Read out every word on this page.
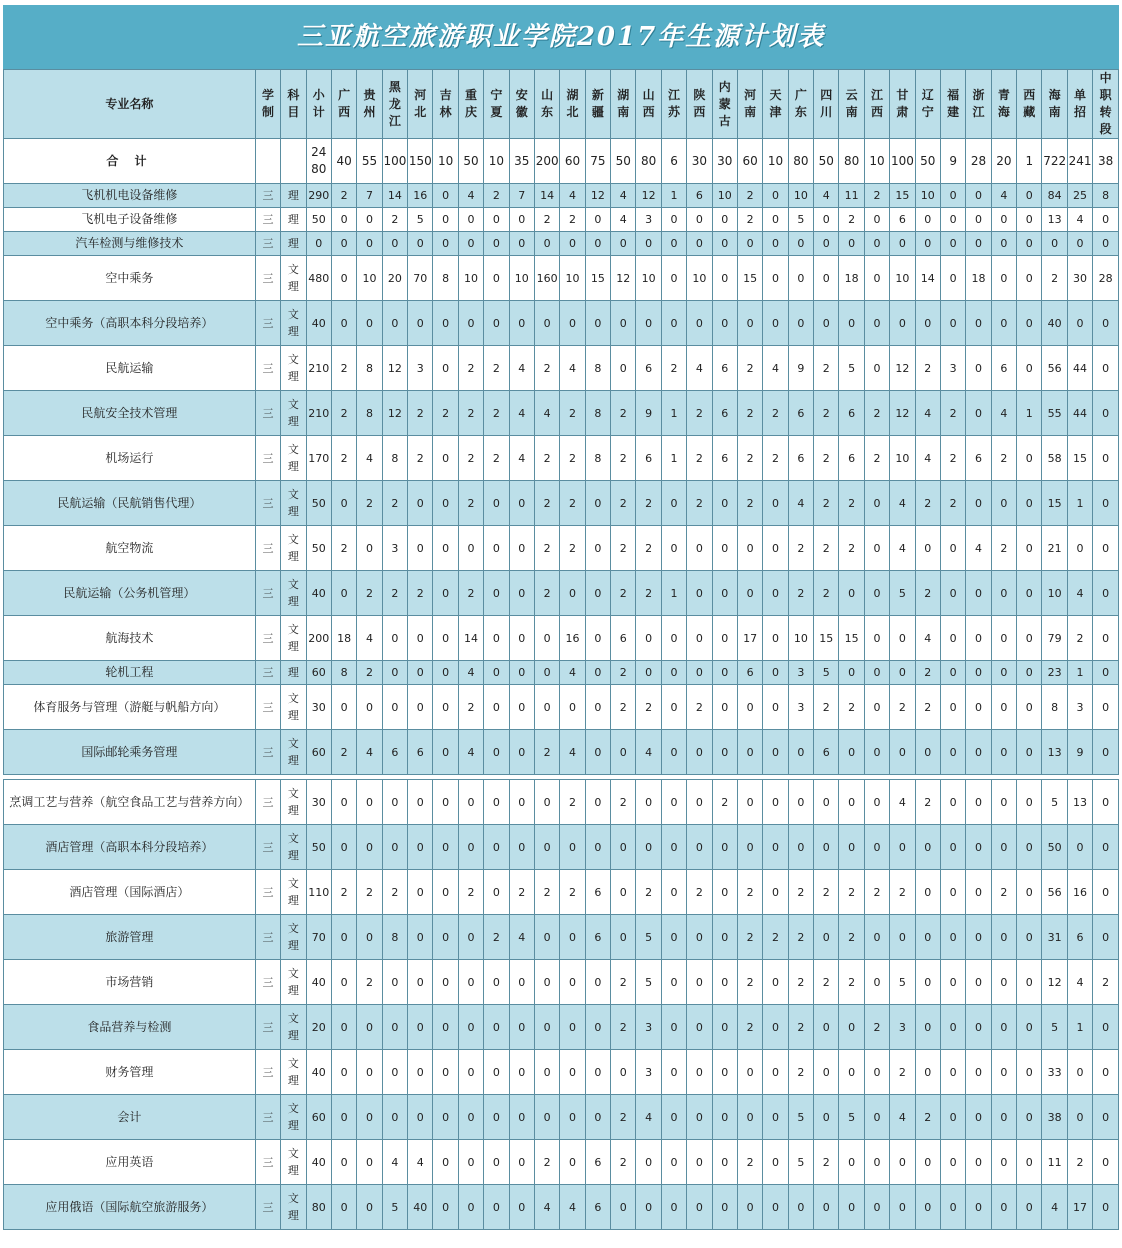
三亚航空旅游职业学院2017年生源计划表
专业名称	学制	科目	小计	广西	贵州	黑龙江	河北	吉林	重庆	宁夏	安徽	山东	湖北	新疆	湖南	山西	江苏	陕西	内蒙古	河南	天津	广东	四川	云南	江西	甘肃	辽宁	福建	浙江	青海	西藏	海南	单招	中职转段

合 计			2480	40	55	100	150	10	50	10	35	200	60	75	50	80	6	30	30	60	10	80	50	80	10	100	50	9	28	20	1	722	241	38
飞机机电设备维修	三	理	290	2	7	14	16	0	4	2	7	14	4	12	4	12	1	6	10	2	0	10	4	11	2	15	10	0	0	4	0	84	25	8
飞机电子设备维修	三	理	50	0	0	2	5	0	0	0	0	2	2	0	4	3	0	0	0	2	0	5	0	2	0	6	0	0	0	0	0	13	4	0
汽车检测与维修技术	三	理	0	0	0	0	0	0	0	0	0	0	0	0	0	0	0	0	0	0	0	0	0	0	0	0	0	0	0	0	0	0	0	0
空中乘务	三	文理	480	0	10	20	70	8	10	0	10	160	10	15	12	10	0	10	0	15	0	0	0	18	0	10	14	0	18	0	0	2	30	28
空中乘务（高职本科分段培养）	三	文理	40	0	0	0	0	0	0	0	0	0	0	0	0	0	0	0	0	0	0	0	0	0	0	0	0	0	0	0	0	40	0	0
民航运输	三	文理	210	2	8	12	3	0	2	2	4	2	4	8	0	6	2	4	6	2	4	9	2	5	0	12	2	3	0	6	0	56	44	0
民航安全技术管理	三	文理	210	2	8	12	2	2	2	2	4	4	2	8	2	9	1	2	6	2	2	6	2	6	2	12	4	2	0	4	1	55	44	0
机场运行	三	文理	170	2	4	8	2	0	2	2	4	2	2	8	2	6	1	2	6	2	2	6	2	6	2	10	4	2	6	2	0	58	15	0
民航运输（民航销售代理）	三	文理	50	0	2	2	0	0	2	0	0	2	2	0	2	2	0	2	0	2	0	4	2	2	0	4	2	2	0	0	0	15	1	0
航空物流	三	文理	50	2	0	3	0	0	0	0	0	2	2	0	2	2	0	0	0	0	0	2	2	2	0	4	0	0	4	2	0	21	0	0
民航运输（公务机管理）	三	文理	40	0	2	2	2	0	2	0	0	2	0	0	2	2	1	0	0	0	0	2	2	0	0	5	2	0	0	0	0	10	4	0
航海技术	三	文理	200	18	4	0	0	0	14	0	0	0	16	0	6	0	0	0	0	17	0	10	15	15	0	0	4	0	0	0	0	79	2	0
轮机工程	三	理	60	8	2	0	0	0	4	0	0	0	4	0	2	0	0	0	0	6	0	3	5	0	0	0	2	0	0	0	0	23	1	0
体育服务与管理（游艇与帆船方向）	三	文理	30	0	0	0	0	0	2	0	0	0	0	0	2	2	0	2	0	0	0	3	2	2	0	2	2	0	0	0	0	8	3	0
国际邮轮乘务管理	三	文理	60	2	4	6	6	0	4	0	0	2	4	0	0	4	0	0	0	0	0	0	6	0	0	0	0	0	0	0	0	13	9	0

烹调工艺与营养（航空食品工艺与营养方向）	三	文理	30	0	0	0	0	0	0	0	0	0	2	0	2	0	0	0	2	0	0	0	0	0	0	4	2	0	0	0	0	5	13	0
酒店管理（高职本科分段培养）	三	文理	50	0	0	0	0	0	0	0	0	0	0	0	0	0	0	0	0	0	0	0	0	0	0	0	0	0	0	0	0	50	0	0
酒店管理（国际酒店）	三	文理	110	2	2	2	0	0	2	0	2	2	2	6	0	2	0	2	0	2	0	2	2	2	2	2	0	0	0	2	0	56	16	0
旅游管理	三	文理	70	0	0	8	0	0	0	2	4	0	0	6	0	5	0	0	0	2	2	2	0	2	0	0	0	0	0	0	0	31	6	0
市场营销	三	文理	40	0	2	0	0	0	0	0	0	0	0	0	2	5	0	0	0	2	0	2	2	2	0	5	0	0	0	0	0	12	4	2
食品营养与检测	三	文理	20	0	0	0	0	0	0	0	0	0	0	0	2	3	0	0	0	2	0	2	0	0	2	3	0	0	0	0	0	5	1	0
财务管理	三	文理	40	0	0	0	0	0	0	0	0	0	0	0	0	3	0	0	0	0	0	2	0	0	0	2	0	0	0	0	0	33	0	0
会计	三	文理	60	0	0	0	0	0	0	0	0	0	0	0	2	4	0	0	0	0	0	5	0	5	0	4	2	0	0	0	0	38	0	0
应用英语	三	文理	40	0	0	4	4	0	0	0	0	2	0	6	2	0	0	0	0	2	0	5	2	0	0	0	0	0	0	0	0	11	2	0
应用俄语（国际航空旅游服务）	三	文理	80	0	0	5	40	0	0	0	0	4	4	6	0	0	0	0	0	0	0	0	0	0	0	0	0	0	0	0	0	4	17	0
